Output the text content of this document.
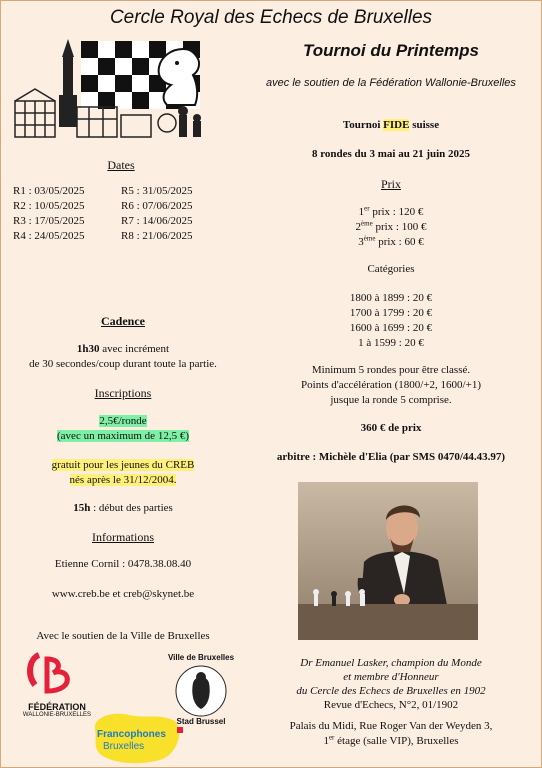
Cercle Royal des Echecs de Bruxelles
Tournoi du Printemps
avec le soutien de la Fédération Wallonie-Bruxelles
Dates
R1 : 03/05/2025
R2 : 10/05/2025
R3 : 17/05/2025
R4 : 24/05/2025
R5 : 31/05/2025
R6 : 07/06/2025
R7 : 14/06/2025
R8 : 21/06/2025
Cadence
1h30 avec incrément
de 30 secondes/coup durant toute la partie.
Inscriptions
2,5€/ronde
(avec un maximum de 12,5 €)
gratuit pour les jeunes du CREB
nés après le 31/12/2004.
15h : début des parties
Informations
Etienne Cornil : 0478.38.08.40
www.creb.be et creb@skynet.be
Avec le soutien de la Ville de Bruxelles
FÉDÉRATION
WALLONIE-BRUXELLES
Ville de Bruxelles
Stad Brussel
Francophones
Bruxelles
Tournoi FIDE suisse
8 rondes du 3 mai au 21 juin 2025
Prix
1er prix : 120 €
2ème prix : 100 €
3ème prix : 60 €
Catégories
1800 à 1899 : 20 €
1700 à 1799 : 20 €
1600 à 1699 : 20 €
1 à 1599 : 20 €
Minimum 5 rondes pour être classé.
Points d'accélération (1800/+2, 1600/+1)
jusque la ronde 5 comprise.
360 € de prix
arbitre : Michèle d'Elia (par SMS 0470/44.43.97)
Dr Emanuel Lasker, champion du Monde
et membre d'Honneur
du Cercle des Echecs de Bruxelles en 1902
Revue d'Echecs, N°2, 01/1902
Palais du Midi, Rue Roger Van der Weyden 3,
1er étage (salle VIP), Bruxelles
